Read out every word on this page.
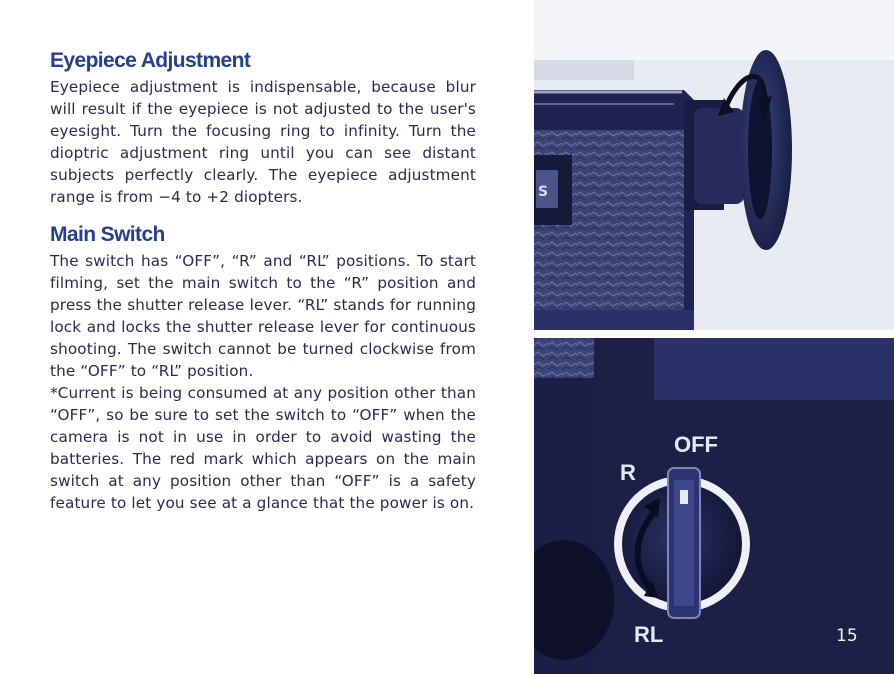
Eyepiece Adjustment

Eyepiece adjustment is indispensable, because blur will result if the eyepiece is not adjusted to the user's eyesight. Turn the focusing ring to infinity. Turn the dioptric adjustment ring until you can see distant subjects perfectly clearly. The eyepiece adjustment range is from −4 to +2 diopters.

Main Switch

The switch has “OFF”, “R” and “RL” positions. To start filming, set the main switch to the “R” position and press the shutter release lever. “RL” stands for running lock and locks the shutter release lever for continuous shooting. The switch cannot be turned clockwise from the “OFF” to “RL” position.

*Current is being consumed at any position other than “OFF”, so be sure to set the switch to “OFF” when the camera is not in use in order to avoid wasting the batteries. The red mark which appears on the main switch at any position other than “OFF” is a safety feature to let you see at a glance that the power is on.

S
OFF
R
RL	15
